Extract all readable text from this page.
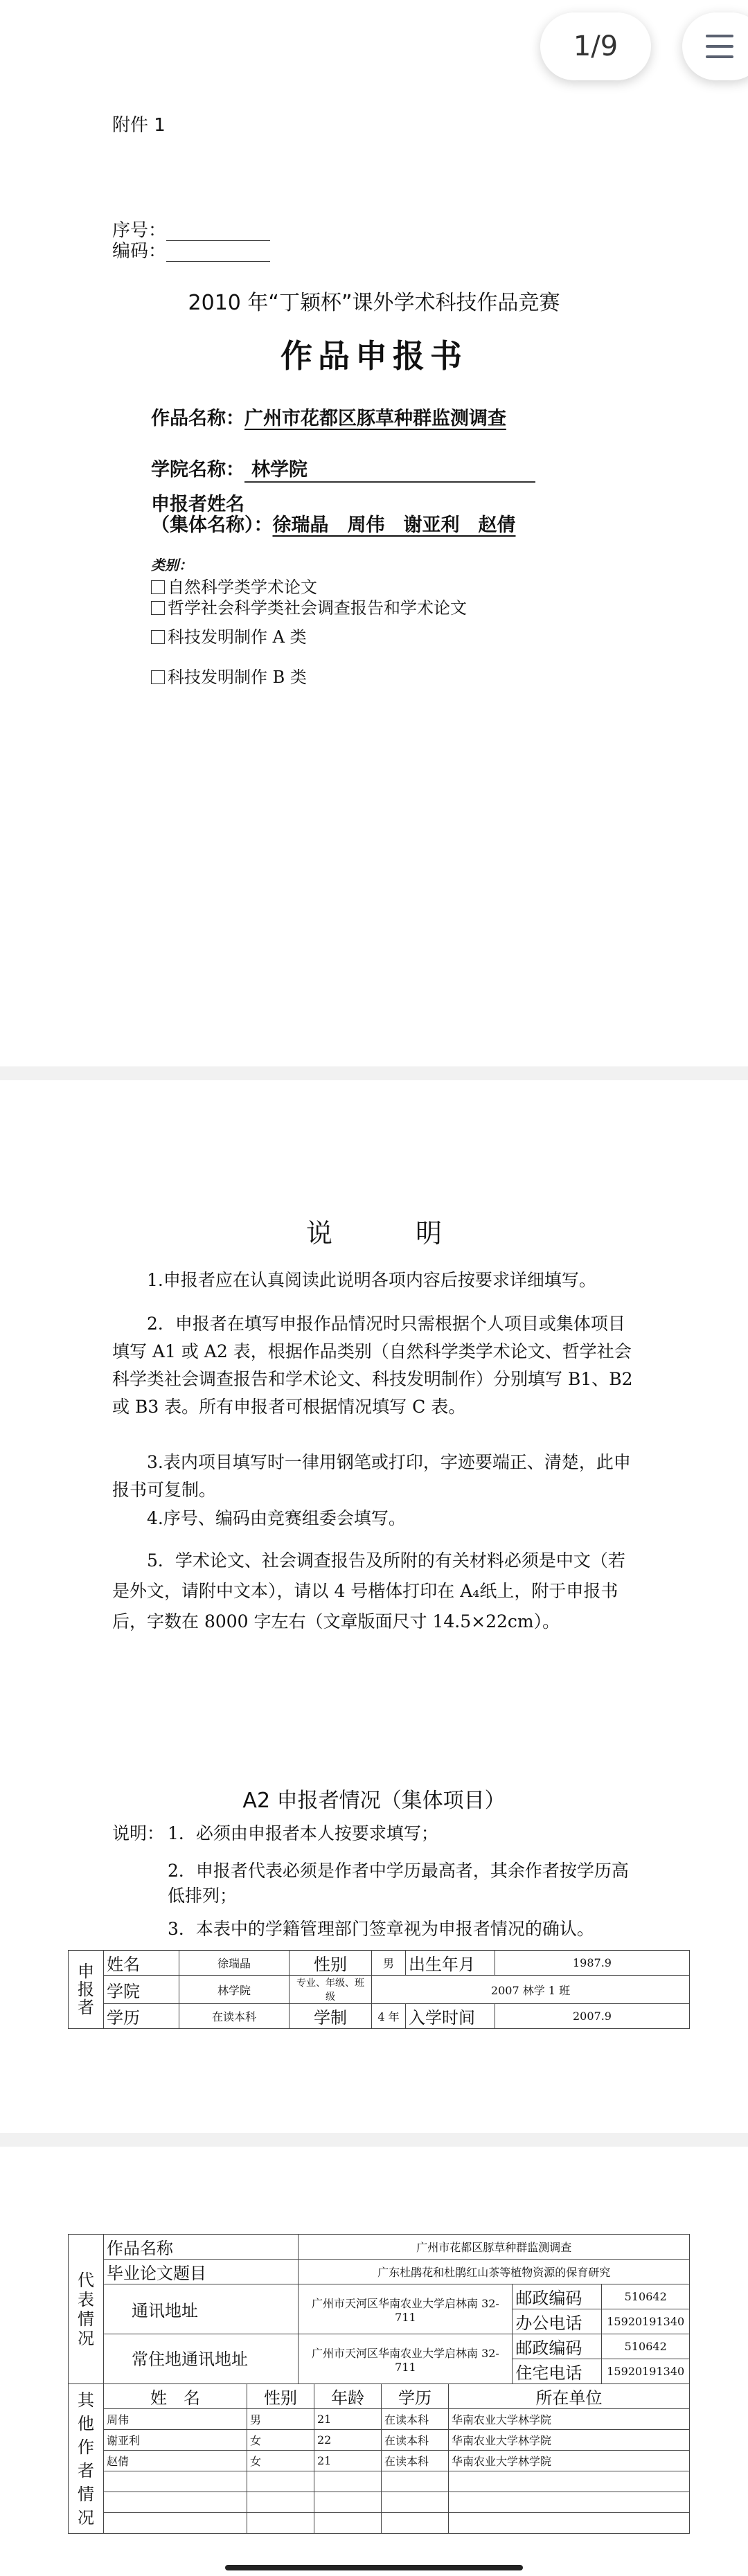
附件 1
序号：
编码：
2010 年“丁颖杯”课外学术科技作品竞赛
作品申报书
作品名称：广州市花都区豚草种群监测调查
学院名称： 林学院
申报者姓名
（集体名称）：徐瑞晶　周伟　谢亚利　赵倩
类别：
自然科学类学术论文
哲学社会科学类社会调查报告和学术论文
科技发明制作 A 类
科技发明制作 B 类
1/9
说明
1.申报者应在认真阅读此说明各项内容后按要求详细填写。
2．申报者在填写申报作品情况时只需根据个人项目或集体项目填写 A1 或 A2 表，根据作品类别（自然科学类学术论文、哲学社会科学类社会调查报告和学术论文、科技发明制作）分别填写 B1、B2 或 B3 表。所有申报者可根据情况填写 C 表。
3.表内项目填写时一律用钢笔或打印，字迹要端正、清楚，此申报书可复制。
4.序号、编码由竞赛组委会填写。
5．学术论文、社会调查报告及所附的有关材料必须是中文（若是外文，请附中文本），请以 4 号楷体打印在 A₄纸上，附于申报书后，字数在 8000 字左右（文章版面尺寸 14.5×22cm）。
A2 申报者情况（集体项目）
说明： 1．必须由申报者本人按要求填写；
2．申报者代表必须是作者中学历最高者，其余作者按学历高低排列；
3．本表中的学籍管理部门签章视为申报者情况的确认。
申报者	姓名	徐瑞晶	性别	男	出生年月	1987.9
	学院	林学院	专业、年级、班级	2007 林学 1 班		
	学历	在读本科	学制	4 年	入学时间	2007.9
代表情况	作品名称	广州市花都区豚草种群监测调查		
	毕业论文题目	广东杜鹃花和杜鹃红山茶等植物资源的保育研究		
	通讯地址	广州市天河区华南农业大学启林南 32-711	邮政编码	510642
			办公电话	15920191340
	常住地通讯地址	广州市天河区华南农业大学启林南 32-711	邮政编码	510642
			住宅电话	15920191340
其他作者情况	姓　名	性别	年龄	学历	所在单位
	周伟	男	21	在读本科	华南农业大学林学院
	谢亚利	女	22	在读本科	华南农业大学林学院
	赵倩	女	21	在读本科	华南农业大学林学院
